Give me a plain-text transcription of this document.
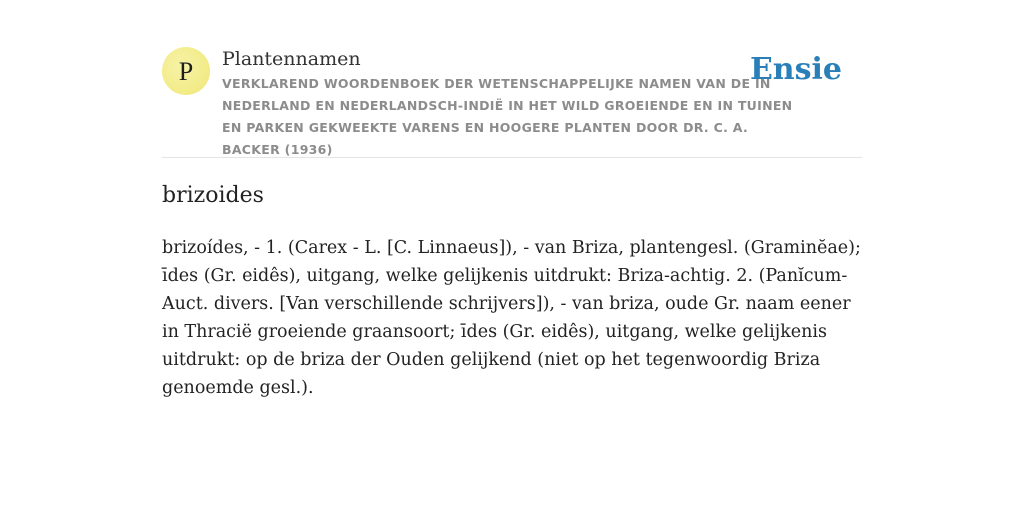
P Plantennamen
VERKLAREND WOORDENBOEK DER WETENSCHAPPELIJKE NAMEN VAN DE IN NEDERLAND EN NEDERLANDSCH-INDIË IN HET WILD GROEIENDE EN IN TUINEN EN PARKEN GEKWEEKTE VARENS EN HOOGERE PLANTEN DOOR DR. C. A. BACKER (1936)
Ensie
brizoides

brizoídes, - 1. (Carex - L. [C. Linnaeus]), - van Briza, plantengesl. (Graminĕae); īdes (Gr. eidês), uitgang, welke gelijkenis uitdrukt: Briza-achtig. 2. (Panĭcum- Auct. divers. [Van verschillende schrijvers]), - van briza, oude Gr. naam eener in Thracië groeiende graansoort; īdes (Gr. eidês), uitgang, welke gelijkenis uitdrukt: op de briza der Ouden gelijkend (niet op het tegenwoordig Briza genoemde gesl.).
